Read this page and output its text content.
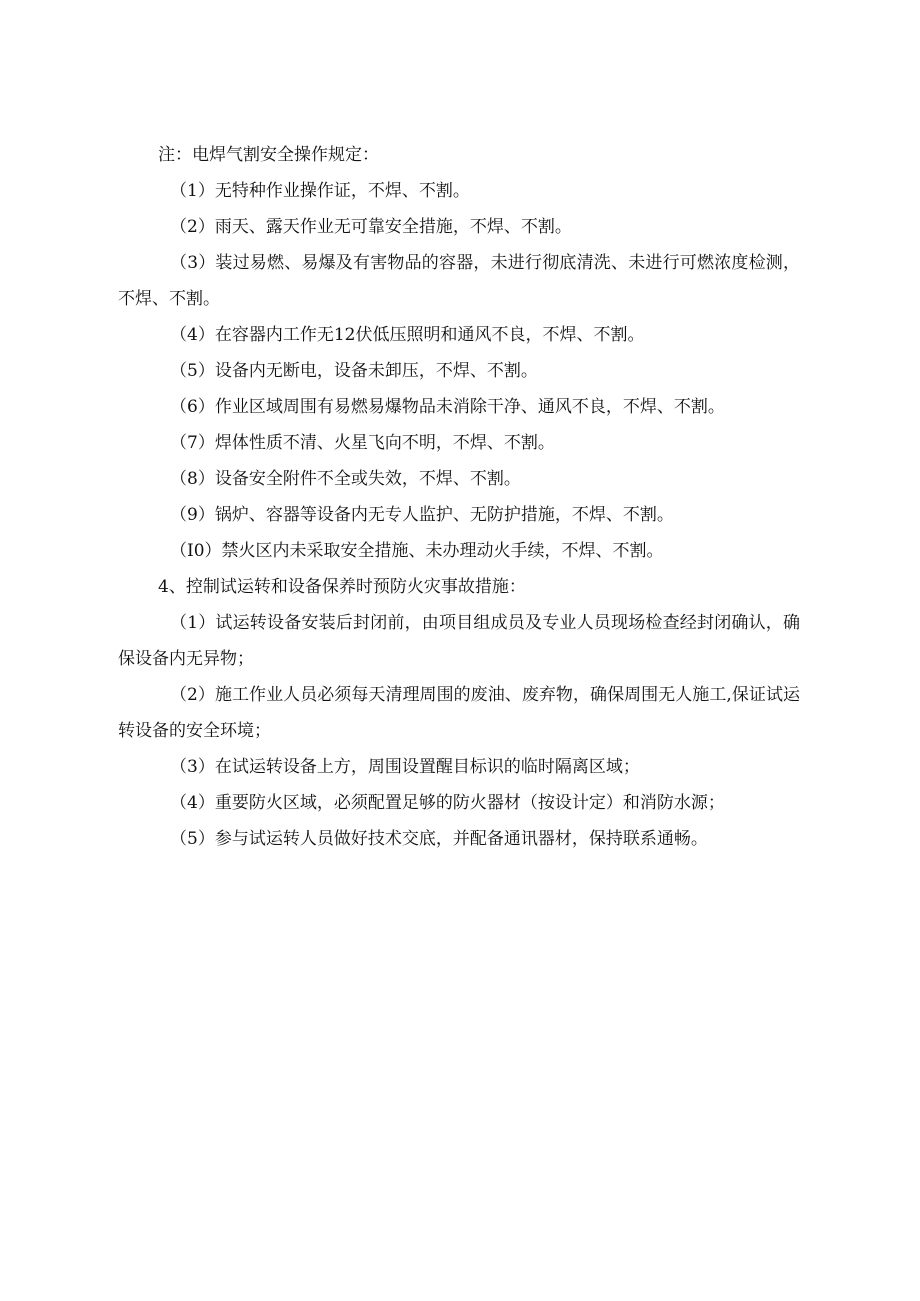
注：电焊气割安全操作规定：

（1）无特种作业操作证，不焊、不割。

（2）雨天、露天作业无可靠安全措施，不焊、不割。

（3）装过易燃、易爆及有害物品的容器，未进行彻底清洗、未进行可燃浓度检测，不焊、不割。

（4）在容器内工作无12伏低压照明和通风不良，不焊、不割。

（5）设备内无断电，设备未卸压，不焊、不割。

（6）作业区域周围有易燃易爆物品未消除干净、通风不良，不焊、不割。

（7）焊体性质不清、火星飞向不明，不焊、不割。

（8）设备安全附件不全或失效，不焊、不割。

（9）锅炉、容器等设备内无专人监护、无防护措施，不焊、不割。

（I0）禁火区内未采取安全措施、未办理动火手续，不焊、不割。

4、控制试运转和设备保养时预防火灾事故措施：

（1）试运转设备安装后封闭前，由项目组成员及专业人员现场检查经封闭确认，确保设备内无异物；

（2）施工作业人员必须每天清理周围的废油、废弃物，确保周围无人施工,保证试运转设备的安全环境；

（3）在试运转设备上方，周围设置醒目标识的临时隔离区域；

（4）重要防火区域，必须配置足够的防火器材（按设计定）和消防水源；

（5）参与试运转人员做好技术交底，并配备通讯器材，保持联系通畅。
